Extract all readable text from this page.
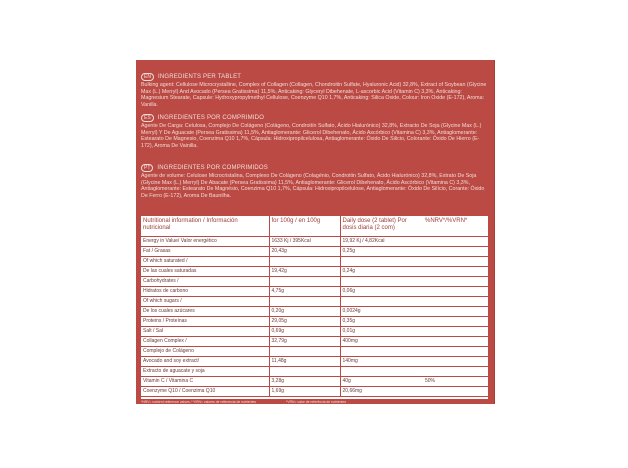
EN	INGREDIENTS PER TABLET
Bulking agent: Cellulose Microcrystalline, Complex of Collagen (Collagen, Chondroitin Sulfate, Hyaluronic Acid) 32,8%, Extract of Soybean (Glycine Max (L.) Merryl) And Avocado (Persea Gratissima) 11,5%, Anticaking: Glyceryl Dibehenate, L-ascorbic Acid (Vitamin C) 3,3%, Anticaking: Magnesium Stearate, Capsule: Hydroxypropylmethyl Cellulose, Coenzyme Q10 1,7%, Anticaking: Silica Oxide, Colour: Iron Oxide (E-172), Aroma: Vanilla.
ES	INGREDIENTES POR COMPRIMIDO
Agente De Carga: Celulosa, Complejo De Colágeno (Colágeno, Condroitín Sulfato, Ácido Hialurónico) 32,8%, Extracto De Soja (Glycine Max (L.) Merryl) Y De Aguacate (Persea Gratissima) 11,5%, Antiaglomerante: Glicerol Dibehenato, Ácido Ascórbico (Vitamina C) 3,3%, Antiaglomerante: Estearato De Magnesio, Coenzima Q10 1,7%, Cápsula: Hidroxipropilcelulosa, Antiaglomerante: Óxido De Silicio, Colorante: Óxido De Hierro (E-172), Aroma De Vainilla.
PT	INGREDIENTES POR COMPRIMIDOS
Agente de volume: Celulose Microcristalina, Complexo De Colágeno (Colagénio, Condroitin Sulfato, Ácido Hialurónico) 32,8%, Extrato De Soja (Glycine Max (L.) Merryl) De Abacate (Persea Gratissima) 11,5%, Antiaglomerante: Glicerol Dibehenato, Ácido Ascórbico (Vitamina C) 3,3%, Antiaglomerante: Estearato De Magnésio, Coenzima Q10 1,7%, Cápsula: Hidroxipropilcelulose, Antiaglomerante: Óxido De Silício, Corante: Óxido De Ferro (E-172), Aroma De Baunilha.
Nutritional information / Información nutricional	for 100g / en 100g	Daily dose (2 tablet) Por dosis diaria (2 com)	%NRV*/%VRN*
Energy in Value/ Valor energético	1633 Kj / 395Kcal	19,92 Kj / 4,82Kcal	
Fat / Grasas	20,43g	0,25g	
Of which saturated /			
De las cuales saturadas	19,42g	0,24g	
Carbohydrates /			
Hidratos de carbono	4,75g	0,06g	
Of which sugars /			
De los cuales azúcares	0,20g	0,0024g	
Proteins / Proteínas	29,05g	0,35g	
Salt / Sal	0,69g	0,01g	
Collagen Complex /	32,79g	400mg	
Complejo de Colágeno			
Avocado and soy extract/	11,48g	140mg	
Extracto de aguacate y soja			
Vitamin C / Vitamina C	3,28g	40g	50%
Coenzyme Q10 / Coenzima Q10	1,69g	20,66mg	
*NRV= nutrient reference values / *VRN= valores de referencia de nutrientes	*VRN= valor de referência de nutrientes
